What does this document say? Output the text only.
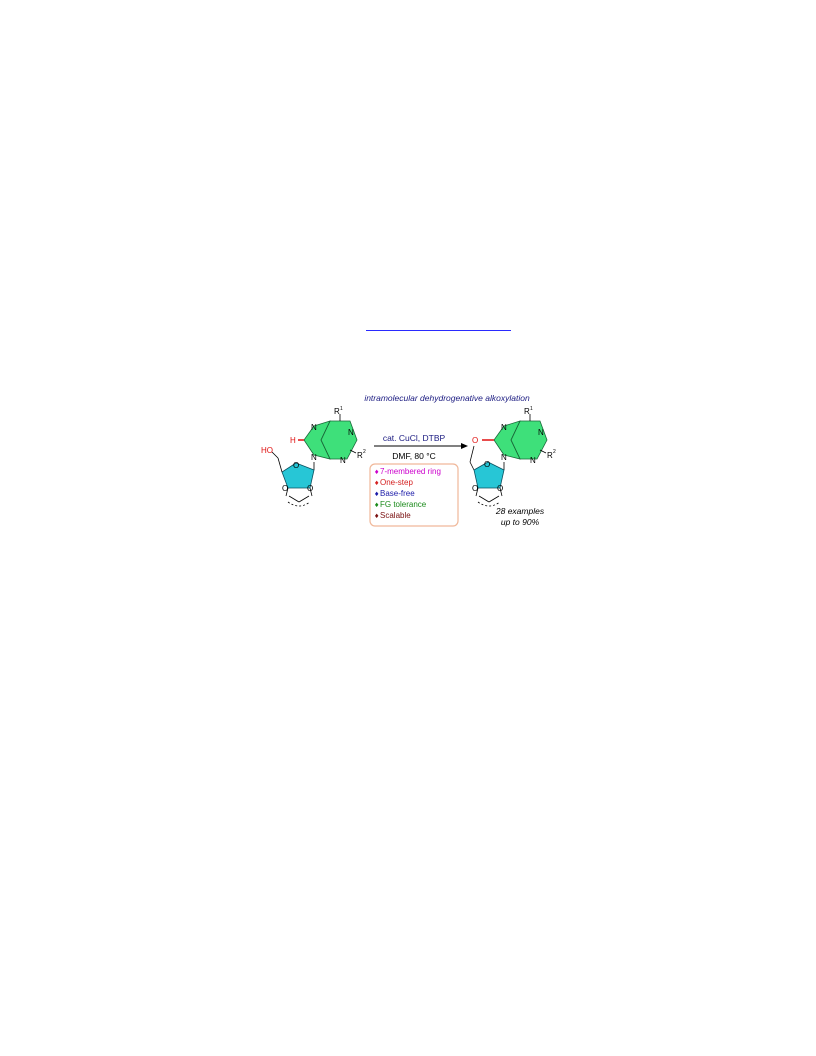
intramolecular dehydrogenative alkoxylation
N
N
N
N
H
R 1
R 2
O
HO
O O
cat. CuCl, DTBP
DMF, 80 °C
♦ 7-membered ring
♦ One-step
♦ Base-free
♦ FG tolerance
♦ Scalable
N
N
N
N
R 1
R 2
O
O
O O
28 examples
up to 90%
